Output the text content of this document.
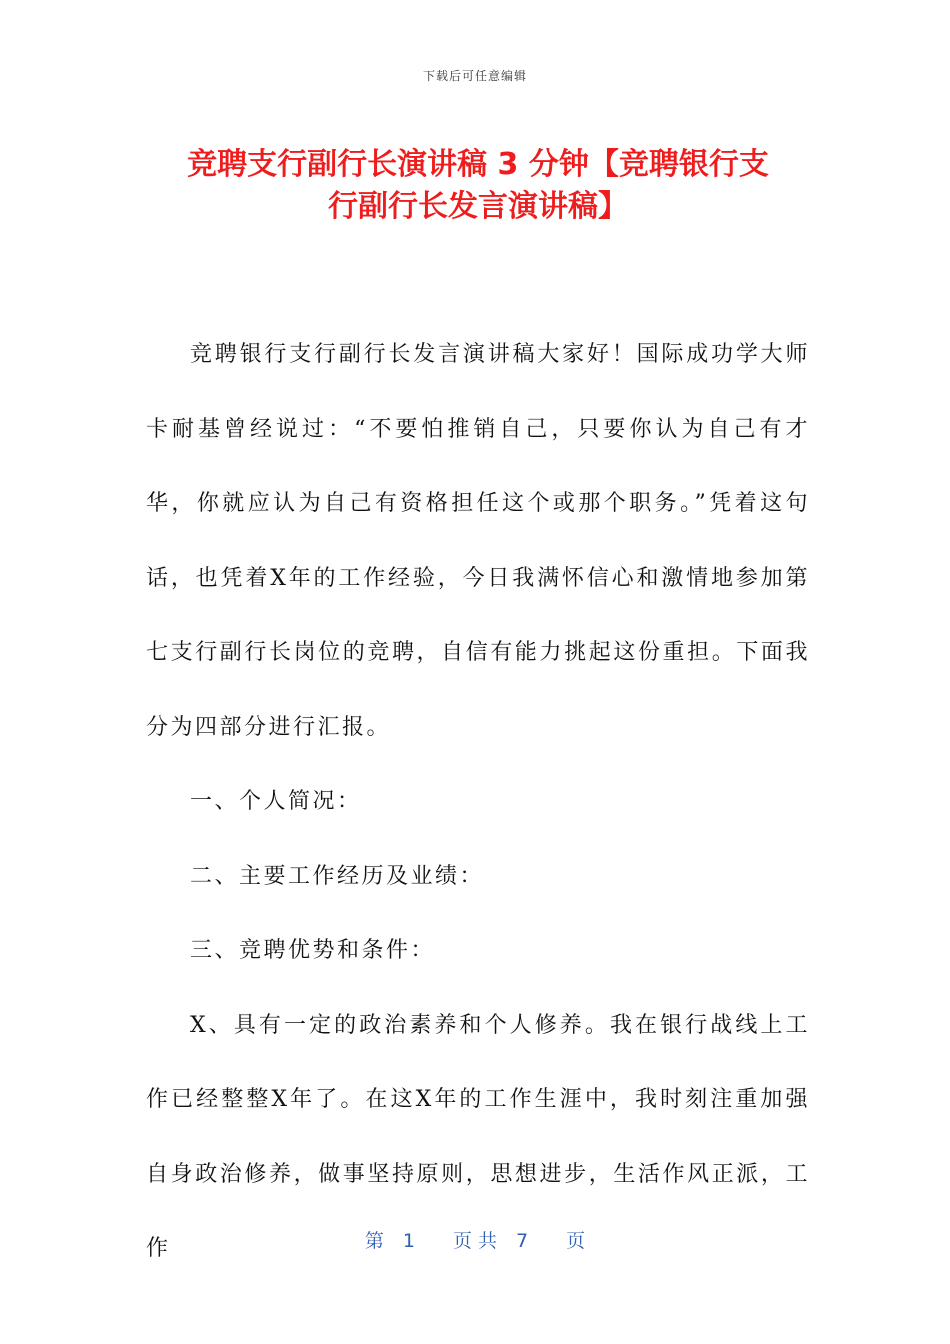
下载后可任意编辑
竞聘支行副行长演讲稿 3 分钟【竞聘银行支
行副行长发言演讲稿】

竞聘银行支行副行长发言演讲稿大家好！国际成功学大师卡耐基曾经说过：“不要怕推销自己，只要你认为自己有才华，你就应认为自己有资格担任这个或那个职务。”凭着这句话，也凭着X年的工作经验，今日我满怀信心和激情地参加第七支行副行长岗位的竞聘，自信有能力挑起这份重担。下面我分为四部分进行汇报。

一、个人简况：

二、主要工作经历及业绩：

三、竞聘优势和条件：

X、具有一定的政治素养和个人修养。我在银行战线上工作已经整整X年了。在这X年的工作生涯中，我时刻注重加强自身政治修养，做事坚持原则，思想进步，生活作风正派，工作	第　1　　页 共　7　　页
